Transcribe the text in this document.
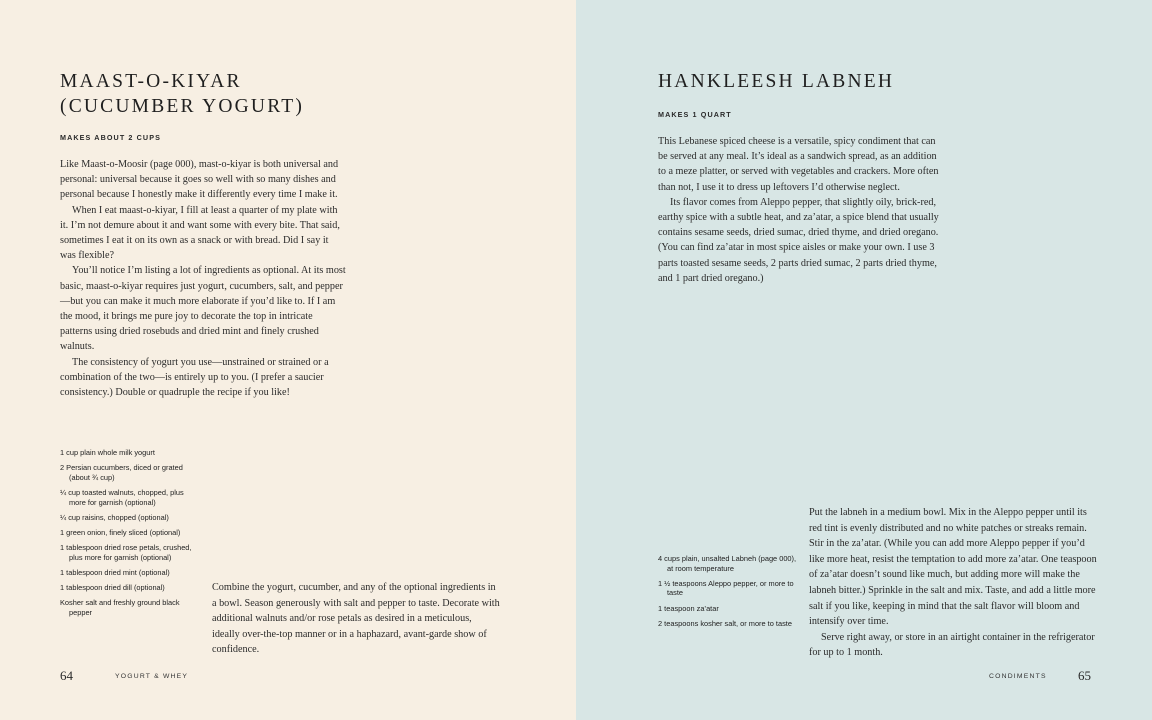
MAAST-O-KIYAR
(CUCUMBER YOGURT)
MAKES ABOUT 2 CUPS

Like Maast-o-Moosir (page 000), mast-o-kiyar is both universal and personal: universal because it goes so well with so many dishes and personal because I honestly make it differently every time I make it.

When I eat maast-o-kiyar, I fill at least a quarter of my plate with it. I’m not demure about it and want some with every bite. That said, sometimes I eat it on its own as a snack or with bread. Did I say it was flexible?

You’ll notice I’m listing a lot of ingredients as optional. At its most basic, maast-o-kiyar requires just yogurt, cucumbers, salt, and pepper—but you can make it much more elaborate if you’d like to. If I am the mood, it brings me pure joy to decorate the top in intricate patterns using dried rosebuds and dried mint and finely crushed walnuts.

The consistency of yogurt you use—unstrained or strained or a combination of the two—is entirely up to you. (I prefer a saucier consistency.) Double or quadruple the recipe if you like!

1 cup plain whole milk yogurt
2 Persian cucumbers, diced or grated (about ¾ cup)
¼ cup toasted walnuts, chopped, plus more for garnish (optional)
¼ cup raisins, chopped (optional)
1 green onion, finely sliced (optional)
1 tablespoon dried rose petals, crushed, plus more for garnish (optional)
1 tablespoon dried mint (optional)
1 tablespoon dried dill (optional)
Kosher salt and freshly ground black pepper

Combine the yogurt, cucumber, and any of the optional ingredients in a bowl. Season generously with salt and pepper to taste. Decorate with additional walnuts and/or rose petals as desired in a meticulous, ideally over-the-top manner or in a haphazard, avant-garde show of confidence.

64	YOGURT & WHEY
HANKLEESH LABNEH
MAKES 1 QUART

This Lebanese spiced cheese is a versatile, spicy condiment that can be served at any meal. It’s ideal as a sandwich spread, as an addition to a meze platter, or served with vegetables and crackers. More often than not, I use it to dress up leftovers I’d otherwise neglect.

Its flavor comes from Aleppo pepper, that slightly oily, brick-red, earthy spice with a subtle heat, and za’atar, a spice blend that usually contains sesame seeds, dried sumac, dried thyme, and dried oregano. (You can find za’atar in most spice aisles or make your own. I use 3 parts toasted sesame seeds, 2 parts dried sumac, 2 parts dried thyme, and 1 part dried oregano.)

4 cups plain, unsalted Labneh (page 000), at room temperature
1 ½ teaspoons Aleppo pepper, or more to taste
1 teaspoon za’atar
2 teaspoons kosher salt, or more to taste

Put the labneh in a medium bowl. Mix in the Aleppo pepper until its red tint is evenly distributed and no white patches or streaks remain. Stir in the za’atar. (While you can add more Aleppo pepper if you’d like more heat, resist the temptation to add more za’atar. One teaspoon of za’atar doesn’t sound like much, but adding more will make the labneh bitter.) Sprinkle in the salt and mix. Taste, and add a little more salt if you like, keeping in mind that the salt flavor will bloom and intensify over time.

Serve right away, or store in an airtight container in the refrigerator for up to 1 month.

CONDIMENTS 65
